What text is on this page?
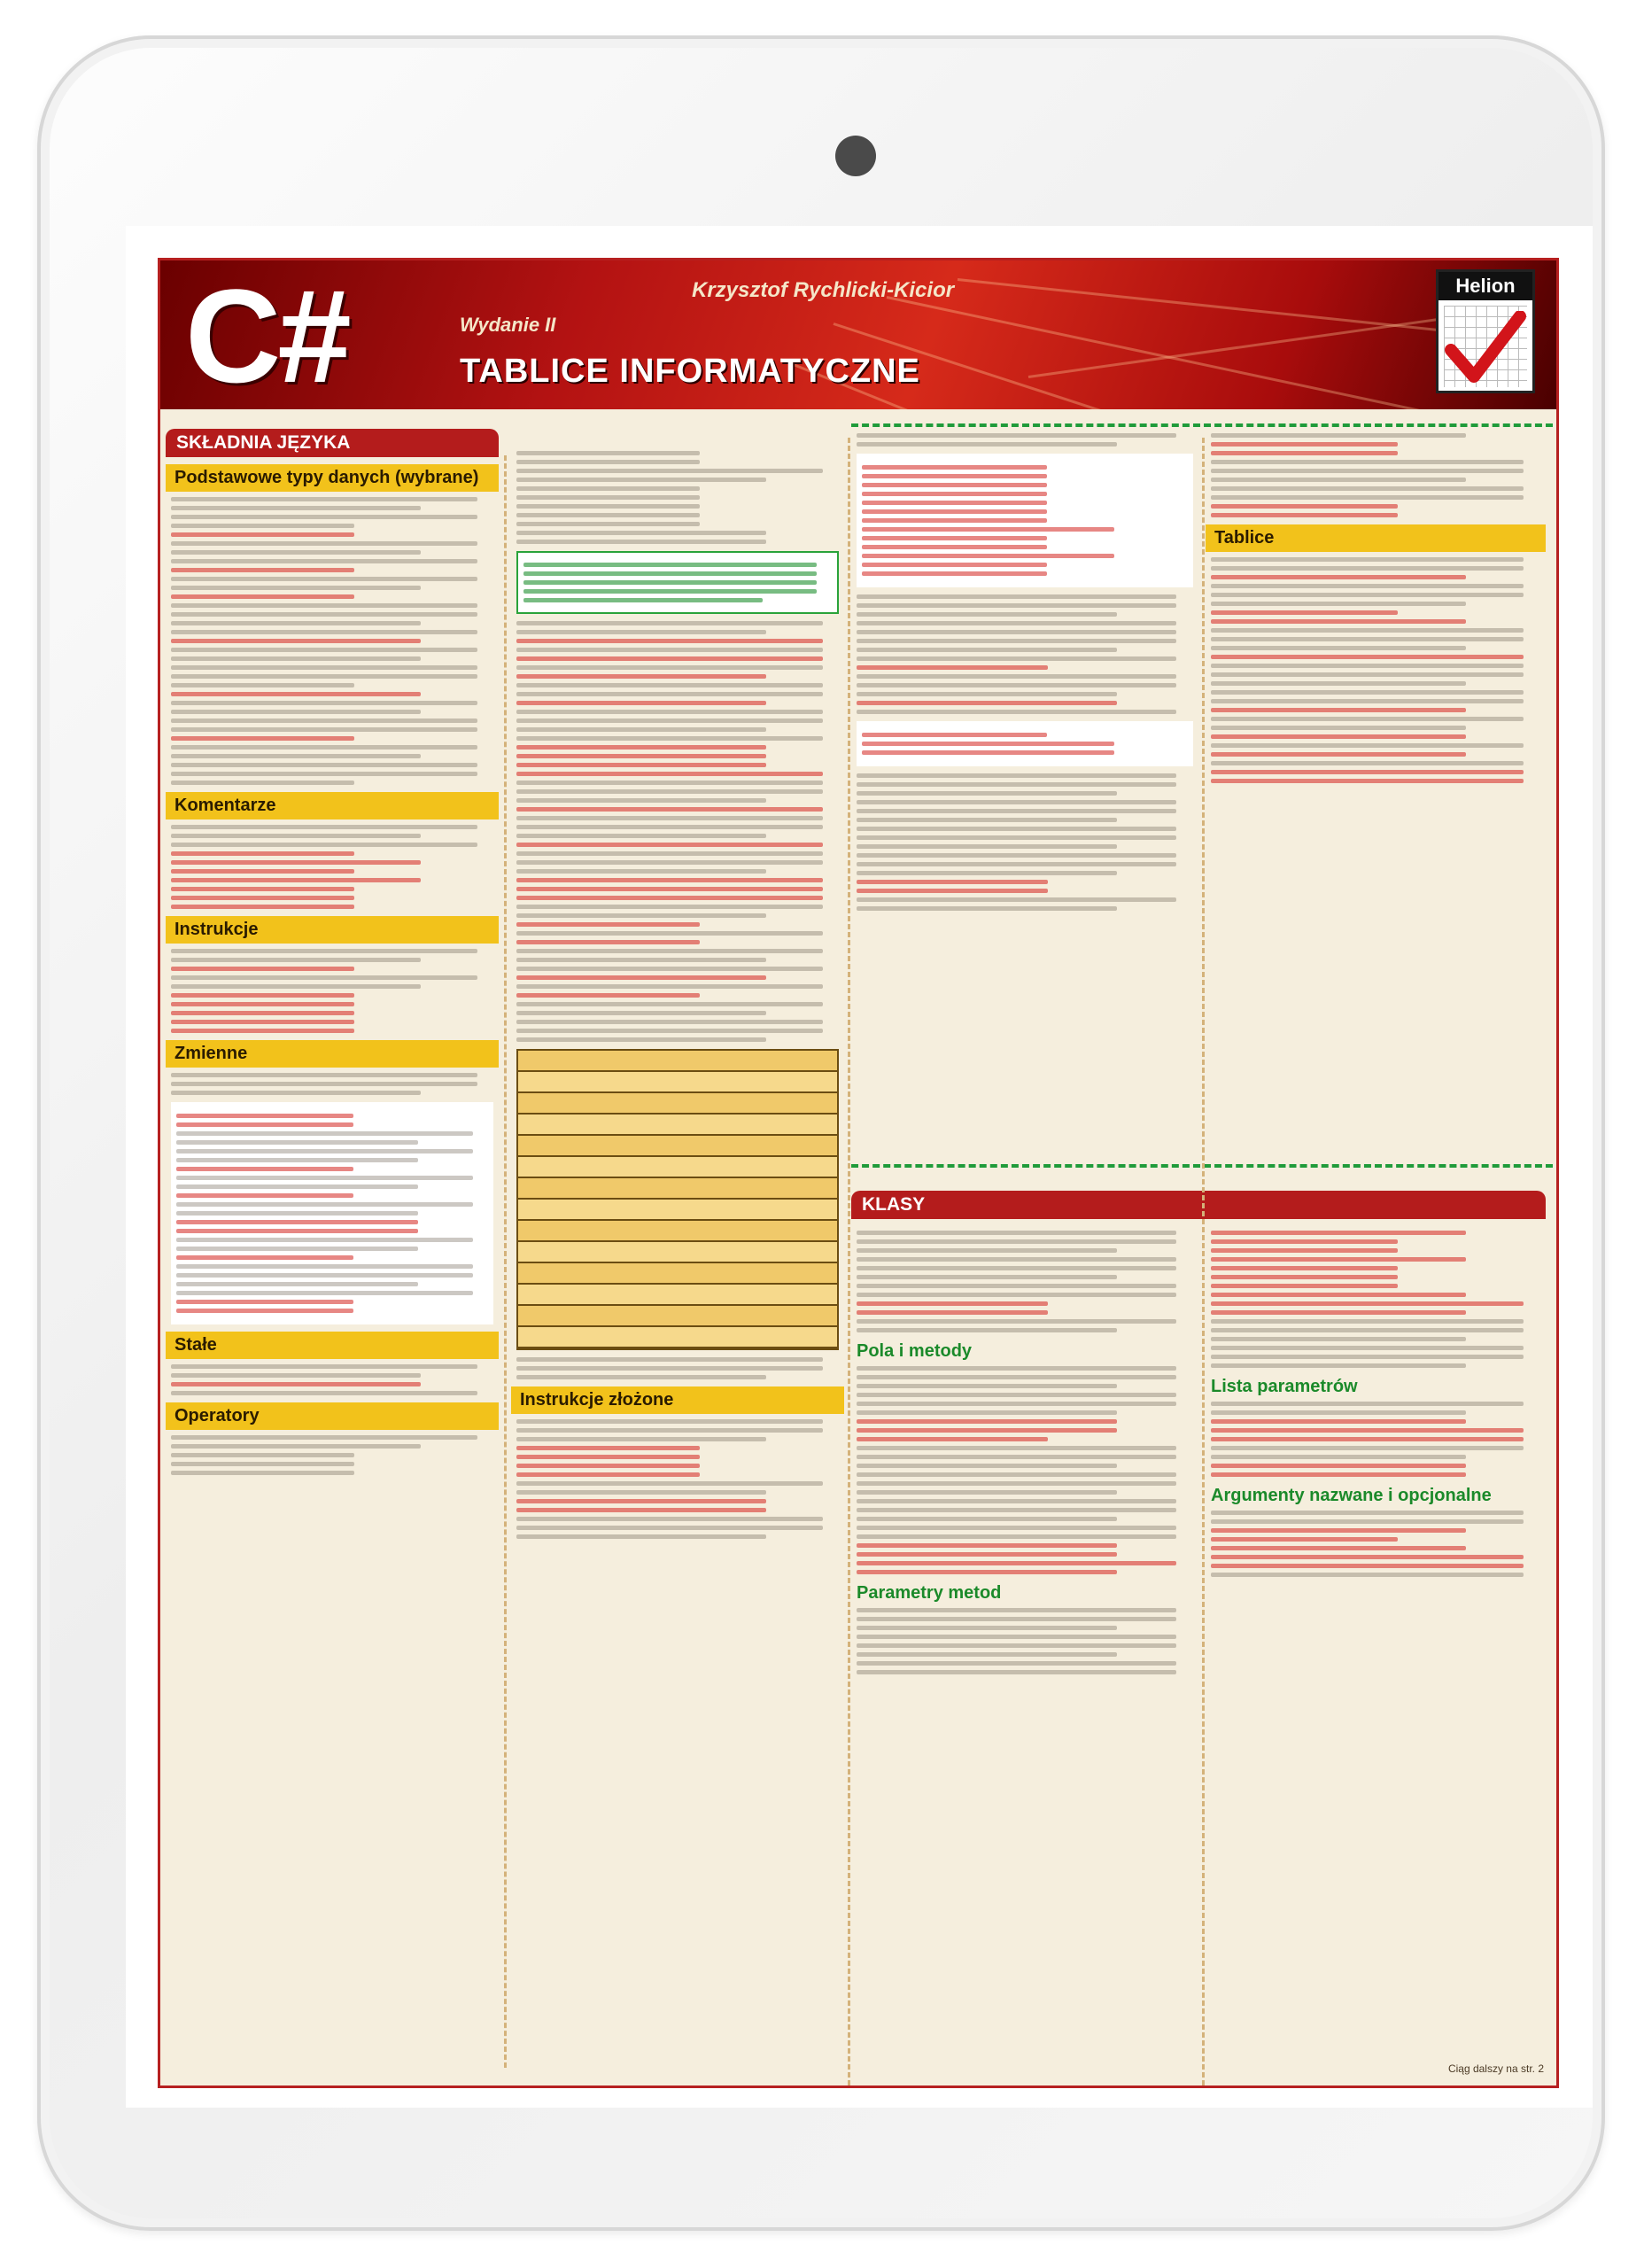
C#	Krzysztof Rychlicki-Kicior
Wydanie II
TABLICE INFORMATYCZNE
Helion
SKŁADNIA JĘZYKA
Podstawowe typy danych (wybrane)
Komentarze
Instrukcje
Zmienne
Stałe
Operatory
Instrukcje złożone
Tablice
KLASY
Pola i metody
Parametry metod
Lista parametrów
Argumenty nazwane i opcjonalne
Ciąg dalszy na str. 2
